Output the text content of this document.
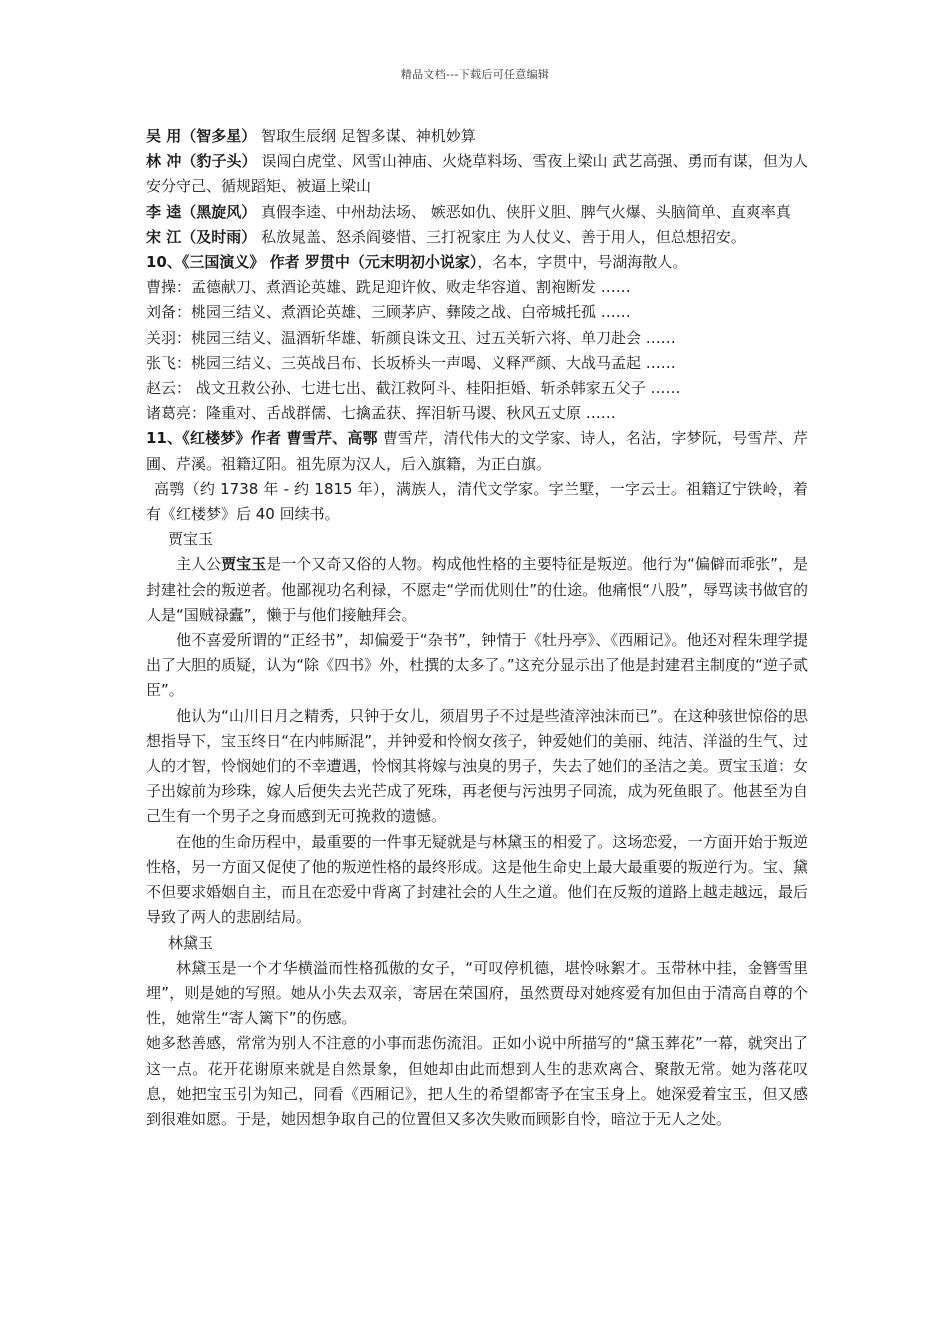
精品文档---下载后可任意编辑

吴 用（智多星） 智取生辰纲 足智多谋、神机妙算

林 冲（豹子头） 误闯白虎堂、风雪山神庙、火烧草料场、雪夜上梁山 武艺高强、勇而有谋，但为人安分守己、循规蹈矩、被逼上梁山

李 逵（黑旋风） 真假李逵、中州劫法场、 嫉恶如仇、侠肝义胆、脾气火爆、头脑简单、直爽率真

宋 江（及时雨） 私放晁盖、怒杀阎婆惜、三打祝家庄 为人仗义、善于用人，但总想招安。

10、《三国演义》 作者 罗贯中（元末明初小说家），名本，字贯中，号湖海散人。

曹操：孟德献刀、煮酒论英雄、跣足迎许攸、败走华容道、割袍断发 ……

刘备：桃园三结义、煮酒论英雄、三顾茅庐、彝陵之战、白帝城托孤 ……

关羽：桃园三结义、温酒斩华雄、斩颜良诛文丑、过五关斩六将、单刀赴会 ……

张飞：桃园三结义、三英战吕布、长坂桥头一声喝、义释严颜、大战马孟起 ……

赵云： 战文丑救公孙、七进七出、截江救阿斗、桂阳拒婚、斩杀韩家五父子 ……

诸葛亮：隆重对、舌战群儒、七擒孟获、挥泪斩马谡、秋风五丈原 ……

11、《红楼梦》作者 曹雪芹、高鄂 曹雪芹，清代伟大的文学家、诗人，名沾，字梦阮，号雪芹、芹圃、芹溪。祖籍辽阳。祖先原为汉人，后入旗籍，为正白旗。

高鹗（约 1738 年 - 约 1815 年），满族人，清代文学家。字兰墅，一字云士。祖籍辽宁铁岭，着有《红楼梦》后 40 回续书。

贾宝玉

主人公贾宝玉是一个又奇又俗的人物。构成他性格的主要特征是叛逆。他行为“偏僻而乖张”，是封建社会的叛逆者。他鄙视功名利禄，不愿走“学而优则仕”的仕途。他痛恨“八股”，辱骂读书做官的人是“国贼禄蠹”，懒于与他们接触拜会。

他不喜爱所谓的“正经书”，却偏爱于“杂书”，钟情于《牡丹亭》、《西厢记》。他还对程朱理学提出了大胆的质疑，认为“除《四书》外，杜撰的太多了。”这充分显示出了他是封建君主制度的“逆子贰臣”。

他认为“山川日月之精秀，只钟于女儿，须眉男子不过是些渣滓浊沫而已”。在这种骇世惊俗的思想指导下，宝玉终日“在内帏厮混”，并钟爱和怜悯女孩子，钟爱她们的美丽、纯洁、洋溢的生气、过人的才智，怜悯她们的不幸遭遇，怜悯其将嫁与浊臭的男子，失去了她们的圣洁之美。贾宝玉道：女子出嫁前为珍珠，嫁人后便失去光芒成了死珠，再老便与污浊男子同流，成为死鱼眼了。他甚至为自己生有一个男子之身而感到无可挽救的遗憾。

在他的生命历程中，最重要的一件事无疑就是与林黛玉的相爱了。这场恋爱，一方面开始于叛逆性格，另一方面又促使了他的叛逆性格的最终形成。这是他生命史上最大最重要的叛逆行为。宝、黛不但要求婚姻自主，而且在恋爱中背离了封建社会的人生之道。他们在反叛的道路上越走越远，最后导致了两人的悲剧结局。

林黛玉

林黛玉是一个才华横溢而性格孤傲的女子，“可叹停机德，堪怜咏絮才。玉带林中挂，金簪雪里埋”，则是她的写照。她从小失去双亲，寄居在荣国府，虽然贾母对她疼爱有加但由于清高自尊的个性，她常生“寄人篱下”的伤感。

她多愁善感，常常为别人不注意的小事而悲伤流泪。正如小说中所描写的“黛玉葬花”一幕，就突出了这一点。花开花谢原来就是自然景象，但她却由此而想到人生的悲欢离合、聚散无常。她为落花叹息，她把宝玉引为知己，同看《西厢记》，把人生的希望都寄予在宝玉身上。她深爱着宝玉，但又感到很难如愿。于是，她因想争取自己的位置但又多次失败而顾影自怜，暗泣于无人之处。
